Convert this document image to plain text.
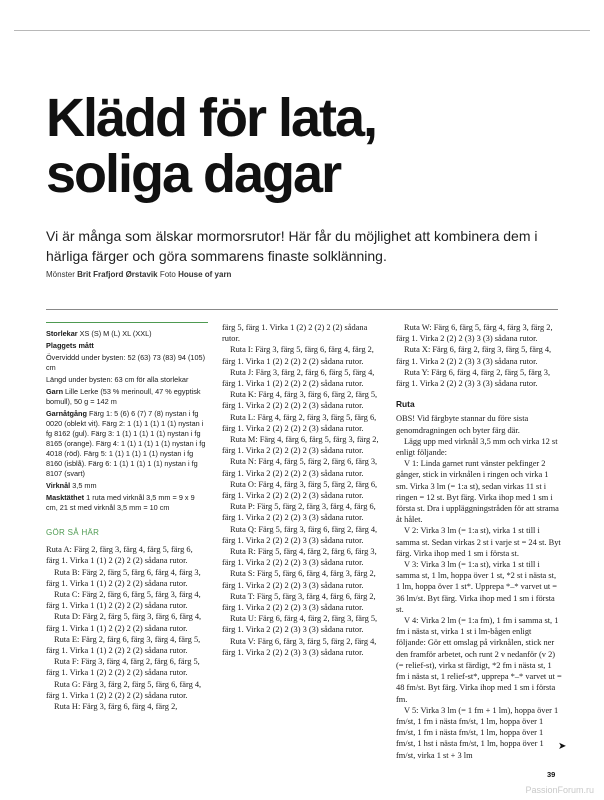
Klädd för lata,
soliga dagar
Vi är många som älskar mormorsrutor! Här får du möjlighet att kombinera dem i härliga färger och göra sommarens finaste solklänning.
Mönster Brit Frafjord Ørstavik Foto House of yarn

Storlekar XS (S) M (L) XL (XXL)

Plaggets mått

Överviddd under bysten: 52 (63) 73 (83) 94 (105) cm

Längd under bysten: 63 cm för alla storlekar

Garn Lille Lerke (53 % merinoull, 47 % egyptisk bomull), 50 g = 142 m

Garnåtgång Färg 1: 5 (6) 6 (7) 7 (8) nystan i fg 0020 (oblekt vit). Färg 2: 1 (1) 1 (1) 1 (1) nystan i fg 8162 (gul). Färg 3: 1 (1) 1 (1) 1 (1) nystan i fg 8165 (orange). Färg 4: 1 (1) 1 (1) 1 (1) nystan i fg 4018 (röd). Färg 5: 1 (1) 1 (1) 1 (1) nystan i fg 8160 (isblå). Färg 6: 1 (1) 1 (1) 1 (1) nystan i fg 8107 (svart)

Virknål 3,5 mm

Masktäthet 1 ruta med virknål 3,5 mm = 9 x 9 cm, 21 st med virknål 3,5 mm = 10 cm

GÖR SÅ HÄR

Ruta A: Färg 2, färg 3, färg 4, färg 5, färg 6, färg 1. Virka 1 (1) 2 (2) 2 (2) sådana rutor.

Ruta B: Färg 2, färg 5, färg 6, färg 4, färg 3, färg 1. Virka 1 (1) 2 (2) 2 (2) sådana rutor.

Ruta C: Färg 2, färg 6, färg 5, färg 3, färg 4, färg 1. Virka 1 (1) 2 (2) 2 (2) sådana rutor.

Ruta D: Färg 2, färg 5, färg 3, färg 6, färg 4, färg 1. Virka 1 (1) 2 (2) 2 (2) sådana rutor.

Ruta E: Färg 2, färg 6, färg 3, färg 4, färg 5, färg 1. Virka 1 (1) 2 (2) 2 (2) sådana rutor.

Ruta F: Färg 3, färg 4, färg 2, färg 6, färg 5, färg 1. Virka 1 (2) 2 (2) 2 (2) sådana rutor.

Ruta G: Färg 3, färg 2, färg 5, färg 6, färg 4, färg 1. Virka 1 (2) 2 (2) 2 (2) sådana rutor.

Ruta H: Färg 3, färg 6, färg 4, färg 2,

färg 5, färg 1. Virka 1 (2) 2 (2) 2 (2) sådana rutor.

Ruta I: Färg 3, färg 5, färg 6, färg 4, färg 2, färg 1. Virka 1 (2) 2 (2) 2 (2) sådana rutor.

Ruta J: Färg 3, färg 2, färg 6, färg 5, färg 4, färg 1. Virka 1 (2) 2 (2) 2 (2) sådana rutor.

Ruta K: Färg 4, färg 3, färg 6, färg 2, färg 5, färg 1. Virka 2 (2) 2 (2) 2 (3) sådana rutor.

Ruta L: Färg 4, färg 2, färg 3, färg 5, färg 6, färg 1. Virka 2 (2) 2 (2) 2 (3) sådana rutor.

Ruta M: Färg 4, färg 6, färg 5, färg 3, färg 2, färg 1. Virka 2 (2) 2 (2) 2 (3) sådana rutor.

Ruta N: Färg 4, färg 5, färg 2, färg 6, färg 3, färg 1. Virka 2 (2) 2 (2) 2 (3) sådana rutor.

Ruta O: Färg 4, färg 3, färg 5, färg 2, färg 6, färg 1. Virka 2 (2) 2 (2) 2 (3) sådana rutor.

Ruta P: Färg 5, färg 2, färg 3, färg 4, färg 6, färg 1. Virka 2 (2) 2 (2) 3 (3) sådana rutor.

Ruta Q: Färg 5, färg 3, färg 6, färg 2, färg 4, färg 1. Virka 2 (2) 2 (2) 3 (3) sådana rutor.

Ruta R: Färg 5, färg 4, färg 2, färg 6, färg 3, färg 1. Virka 2 (2) 2 (2) 3 (3) sådana rutor.

Ruta S: Färg 5, färg 6, färg 4, färg 3, färg 2, färg 1. Virka 2 (2) 2 (2) 3 (3) sådana rutor.

Ruta T: Färg 5, färg 3, färg 4, färg 6, färg 2, färg 1. Virka 2 (2) 2 (2) 3 (3) sådana rutor.

Ruta U: Färg 6, färg 4, färg 2, färg 3, färg 5, färg 1. Virka 2 (2) 2 (3) 3 (3) sådana rutor.

Ruta V: Färg 6, färg 3, färg 5, färg 2, färg 4, färg 1. Virka 2 (2) 2 (3) 3 (3) sådana rutor.

Ruta W: Färg 6, färg 5, färg 4, färg 3, färg 2, färg 1. Virka 2 (2) 2 (3) 3 (3) sådana rutor.

Ruta X: Färg 6, färg 2, färg 3, färg 5, färg 4, färg 1. Virka 2 (2) 2 (3) 3 (3) sådana rutor.

Ruta Y: Färg 6, färg 4, färg 2, färg 5, färg 3, färg 1. Virka 2 (2) 2 (3) 3 (3) sådana rutor.

Ruta

OBS! Vid färgbyte stannar du före sista genomdragningen och byter färg där.

Lägg upp med virknål 3,5 mm och virka 12 st enligt följande:

V 1: Linda garnet runt vänster pekfinger 2 gånger, stick in virknålen i ringen och virka 1 sm. Virka 3 lm (= 1:a st), sedan virkas 11 st i ringen = 12 st. Byt färg. Virka ihop med 1 sm i första st. Dra i uppläggningstråden för att strama åt hålet.

V 2: Virka 3 lm (= 1:a st), virka 1 st till i samma st. Sedan virkas 2 st i varje st = 24 st. Byt färg. Virka ihop med 1 sm i första st.

V 3: Virka 3 lm (= 1:a st), virka 1 st till i samma st, 1 lm, hoppa över 1 st, *2 st i nästa st, 1 lm, hoppa över 1 st*. Upprepa *–* varvet ut = 36 lm/st. Byt färg. Virka ihop med 1 sm i första st.

V 4: Virka 2 lm (= 1:a fm), 1 fm i samma st, 1 fm i nästa st, virka 1 st i lm-bågen enligt följande: Gör ett omslag på virknålen, stick ner den framför arbetet, och runt 2 v nedanför (v 2) (= relief-st), virka st färdigt, *2 fm i nästa st, 1 fm i nästa st, 1 relief-st*, upprepa *–* varvet ut = 48 fm/st. Byt färg. Virka ihop med 1 sm i första fm.

V 5: Virka 3 lm (= 1 fm + 1 lm), hoppa över 1 fm/st, 1 fm i nästa fm/st, 1 lm, hoppa över 1 fm/st, 1 fm i nästa fm/st, 1 lm, hoppa över 1 fm/st, 1 hst i nästa fm/st, 1 lm, hoppa över 1 fm/st, virka 1 st + 3 lm

➤
39
PassionForum.ru
